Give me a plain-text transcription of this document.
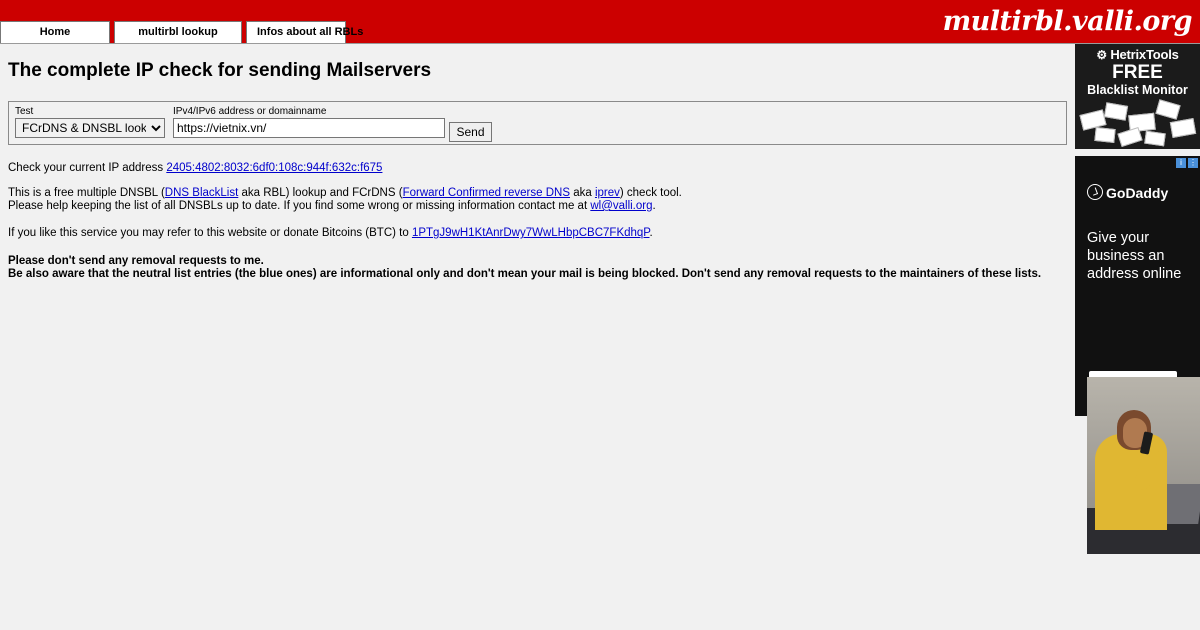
multirbl.valli.org
Home	multirbl lookup	Infos about all RBLs
The complete IP check for sending Mailservers
Test
FCrDNS & DNSBL lookups	IPv4/IPv6 address or domainname
https://vietnix.vn/
Send
Check your current IP address 2405:4802:8032:6df0:108c:944f:632c:f675
This is a free multiple DNSBL (DNS BlackList aka RBL) lookup and FCrDNS (Forward Confirmed reverse DNS aka iprev) check tool.
Please help keeping the list of all DNSBLs up to date. If you find some wrong or missing information contact me at wl@valli.org.
If you like this service you may refer to this website or donate Bitcoins (BTC) to 1PTgJ9wH1KtAnrDwy7WwLHbpCBC7FKdhqP.
Please don't send any removal requests to me.
Be also aware that the neutral list entries (the blue ones) are informational only and don't mean your mail is being blocked. Don't send any removal requests to the maintainers of these lists.
⚙ HetrixTools
FREE
Blacklist Monitor
i ⋮
GoDaddy
Give your
business an
address online
